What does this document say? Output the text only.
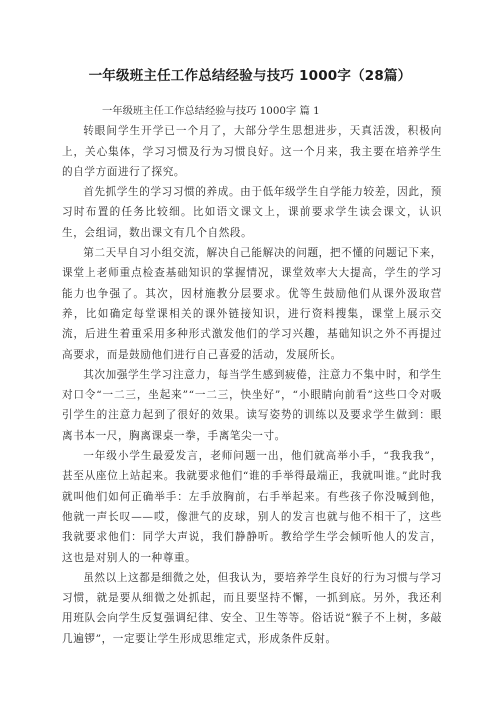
一年级班主任工作总结经验与技巧 1000字（28篇）

一年级班主任工作总结经验与技巧 1000字 篇 1

转眼间学生开学已一个月了，大部分学生思想进步，天真活泼，积极向上，关心集体，学习习惯及行为习惯良好。这一个月来，我主要在培养学生的自学方面进行了探究。

首先抓学生的学习习惯的养成。由于低年级学生自学能力较差，因此，预习时布置的任务比较细。比如语文课文上，课前要求学生读会课文，认识生，会组词，数出课文有几个自然段。

第二天早自习小组交流，解决自己能解决的问题，把不懂的问题记下来，课堂上老师重点检查基础知识的掌握情况，课堂效率大大提高，学生的学习能力也争强了。其次，因材施教分层要求。优等生鼓励他们从课外汲取营养，比如确定每堂课相关的课外链接知识，进行资料搜集，课堂上展示交流，后进生着重采用多种形式激发他们的学习兴趣，基础知识之外不再提过高要求，而是鼓励他们进行自己喜爱的活动，发展所长。

其次加强学生学习注意力，每当学生感到疲倦，注意力不集中时，和学生对口令“一二三，坐起来”“一二三，快坐好”，“小眼睛向前看”这些口令对吸引学生的注意力起到了很好的效果。读写姿势的训练以及要求学生做到：眼离书本一尺，胸离课桌一拳，手离笔尖一寸。

一年级小学生最爱发言，老师问题一出，他们就高举小手，“我我我”，甚至从座位上站起来。我就要求他们“谁的手举得最端正，我就叫谁。”此时我就叫他们如何正确举手：左手放胸前，右手举起来。有些孩子你没喊到他，他就一声长叹——哎，像泄气的皮球，别人的发言也就与他不相干了，这些我就要求他们：同学大声说，我们静静听。教给学生学会倾听他人的发言，这也是对别人的一种尊重。

虽然以上这都是细微之处，但我认为，要培养学生良好的行为习惯与学习习惯，就是要从细微之处抓起，而且要坚持不懈，一抓到底。另外，我还利用班队会向学生反复强调纪律、安全、卫生等等。俗话说“猴子不上树，多敲几遍锣”，一定要让学生形成思维定式，形成条件反射。
